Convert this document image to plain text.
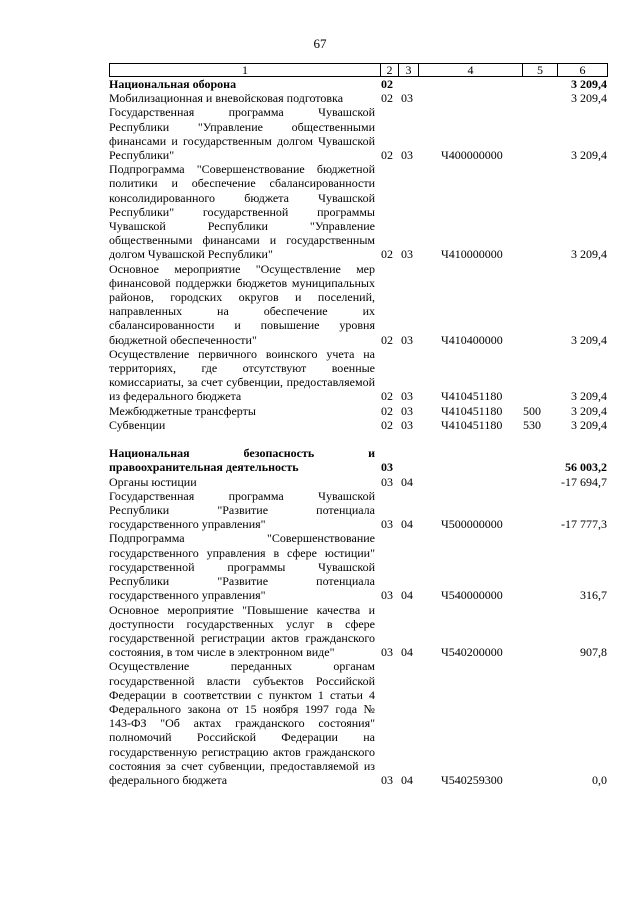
67
1	2	3	4	5	6
Национальная оборона	02	3 209,4
Мобилизационная и вневойсковая подготовка	02 03	3 209,4
Государственная программа Чувашской Республики "Управление общественными финансами и государственным долгом Чувашской Республики"	02 03	Ч400000000	3 209,4
Подпрограмма "Совершенствование бюджетной политики и обеспечение сбалансированности консолидированного бюджета Чувашской Республики" государственной программы Чувашской Республики "Управление общественными финансами и государственным долгом Чувашской Республики"	02 03	Ч410000000	3 209,4
Основное мероприятие "Осуществление мер финансовой поддержки бюджетов муниципальных районов, городских округов и поселений, направленных на обеспечение их сбалансированности и повышение уровня бюджетной обеспеченности"	02 03	Ч410400000	3 209,4
Осуществление первичного воинского учета на территориях, где отсутствуют военные комиссариаты, за счет субвенции, предоставляемой из федерального бюджета	02 03	Ч410451180	3 209,4
Межбюджетные трансферты	02 03	Ч410451180	500	3 209,4
Субвенции	02 03	Ч410451180	530	3 209,4
Национальная безопасность и правоохранительная деятельность	03	56 003,2
Органы юстиции	03 04	-17 694,7
Государственная программа Чувашской Республики "Развитие потенциала государственного управления"	03 04	Ч500000000	-17 777,3
Подпрограмма "Совершенствование государственного управления в сфере юстиции" государственной программы Чувашской Республики "Развитие потенциала государственного управления"	03 04	Ч540000000	316,7
Основное мероприятие "Повышение качества и доступности государственных услуг в сфере государственной регистрации актов гражданского состояния, в том числе в электронном виде"	03 04	Ч540200000	907,8
Осуществление переданных органам государственной власти субъектов Российской Федерации в соответствии с пунктом 1 статьи 4 Федерального закона от 15 ноября 1997 года № 143-ФЗ "Об актах гражданского состояния" полномочий Российской Федерации на государственную регистрацию актов гражданского состояния за счет субвенции, предоставляемой из федерального бюджета	03 04	Ч540259300	0,0
